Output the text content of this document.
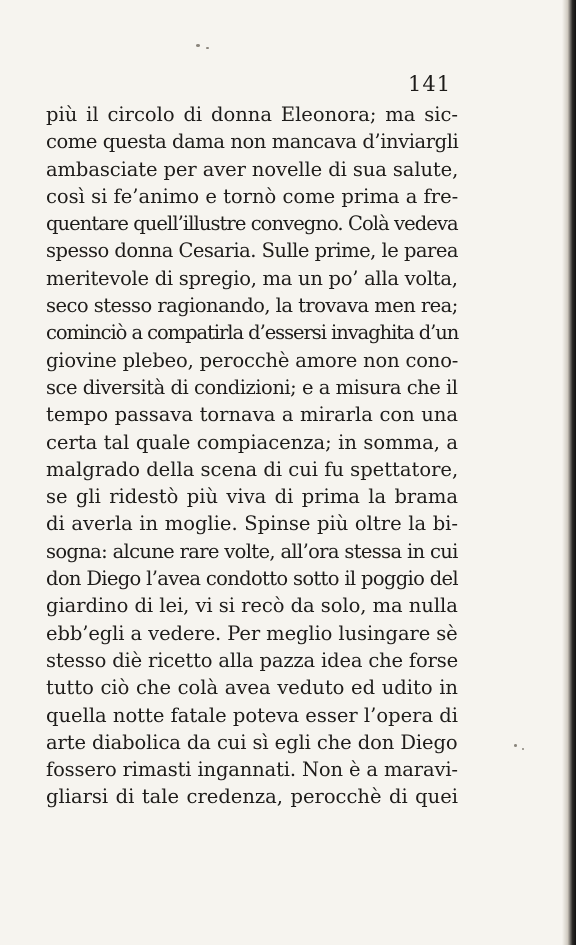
141
più il circolo di donna Eleonora; ma sic-
come questa dama non mancava d’inviargli
ambasciate per aver novelle di sua salute,
così si fe’animo e tornò come prima a fre-
quentare quell’illustre convegno. Colà vedeva
spesso donna Cesaria. Sulle prime, le parea
meritevole di spregio, ma un po’ alla volta,
seco stesso ragionando, la trovava men rea;
cominciò a compatirla d’essersi invaghita d’un
giovine plebeo, perocchè amore non cono-
sce diversità di condizioni; e a misura che il
tempo passava tornava a mirarla con una
certa tal quale compiacenza; in somma, a
malgrado della scena di cui fu spettatore,
se gli ridestò più viva di prima la brama
di averla in moglie. Spinse più oltre la bi-
sogna: alcune rare volte, all’ora stessa in cui
don Diego l’avea condotto sotto il poggio del
giardino di lei, vi si recò da solo, ma nulla
ebb’egli a vedere. Per meglio lusingare sè
stesso diè ricetto alla pazza idea che forse
tutto ciò che colà avea veduto ed udito in
quella notte fatale poteva esser l’opera di
arte diabolica da cui sì egli che don Diego
fossero rimasti ingannati. Non è a maravi-
gliarsi di tale credenza, perocchè di quei
